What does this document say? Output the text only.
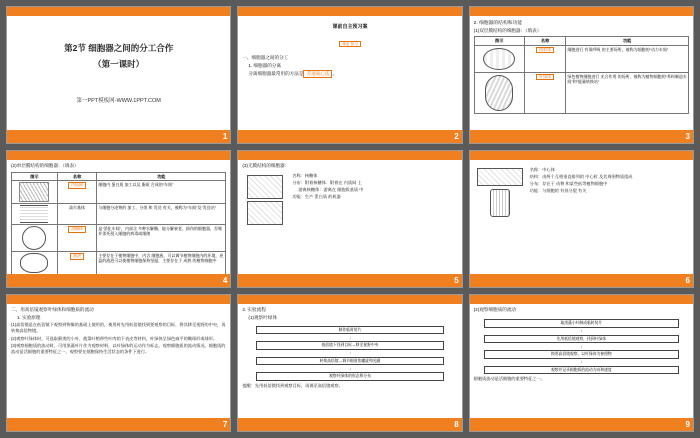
第2节 细胞器之间的分工合作
（第一课时）
第一PPT模板网-WWW.1PPT.COM
1
课前自主预习案
课前·预习
一、细胞器之间的分工
1. 细胞器的分离
分离细胞器最常用的方法是 差速离心法 。
2
2. 细胞器的结构和功能
(1)双层膜结构的细胞器：（填表）
图示	名称	功能

	线粒体	细胞进行 有氧呼吸 的主要场所，被称为细胞的“动力车间”

	叶绿体	绿色植物细胞进行 光合作用 的场所，被称为植物细胞的“养料制造车间”和“能量转换站”
3
(2)单层膜结构的细胞器：（填表）
图示	名称	功能

	内质网	细胞内 蛋白质 加工以及 脂质 合成的“车间”

	高尔基体	与细胞分泌物的 加工、分类 和 发送 有关，被称为“车间”及“发送站”

	溶酶体	是“消化车间”，内部含 多种水解酶，能分解衰老、损伤的细胞器，吞噬并杀死侵入细胞的病毒或细菌

	液泡	主要存在于植物细胞中，内含 细胞液，可以调节植物细胞内的环境，充盈的液泡可以使植物细胞保持坚挺，主要存在于 成熟 的植物细胞中
4
(3)无膜结构的细胞器：
名称：核糖体
分布：附着核糖体：附着在 内质网 上
游离核糖体：游离在 细胞质基质 中
功能：生产 蛋白质 的机器
5
名称：中心体
结构：由两个互相垂直排列的 中心粒 及其周围物质组成
分布：存在于 动物 和某些低等植物细胞中
功能：与细胞的 有丝分裂 有关
6
二、用高倍镜观察叶绿体和细胞质的流动
1. 实验原理
(1)高倍镜是在低倍镜下观察到物像的基础上使用的，使用时先用低倍镜找到要观察的目标，将其移至视野的中央，再转换高倍物镜。
(2)观察叶绿体时，可选取藓类的小叶、菠菜叶稍带些叶肉的下表皮等材料，叶绿体呈绿色扁平的椭球形或球形。
(3)观察细胞质的流动时，可用黑藻叶片作为观察材料，以叶绿体的运动作为标志，观察细胞质的流动情况。细胞质的流动是活细胞的重要特征之一，观察要在细胞保持生活状态的条件下进行。
7
2. 实验流程
(1)观察叶绿体
制作临时装片
↓
低倍镜下找到目标→移至视野中央
↓
转换高倍镜→调节细准焦螺旋和光圈
↓
观察叶绿体的形态和分布
提醒：先用低倍镜找到观察目标，再调至高倍镜观察。
8
(2)观察细胞质的流动
取黑藻小叶制成临时装片
↓
先用低倍镜观察，找到叶绿体
↓
换用高倍镜观察，以叶绿体为参照物
↓
观察并记录细胞质的流动方向和速度
细胞质流动是活细胞的重要特征之一。
9
